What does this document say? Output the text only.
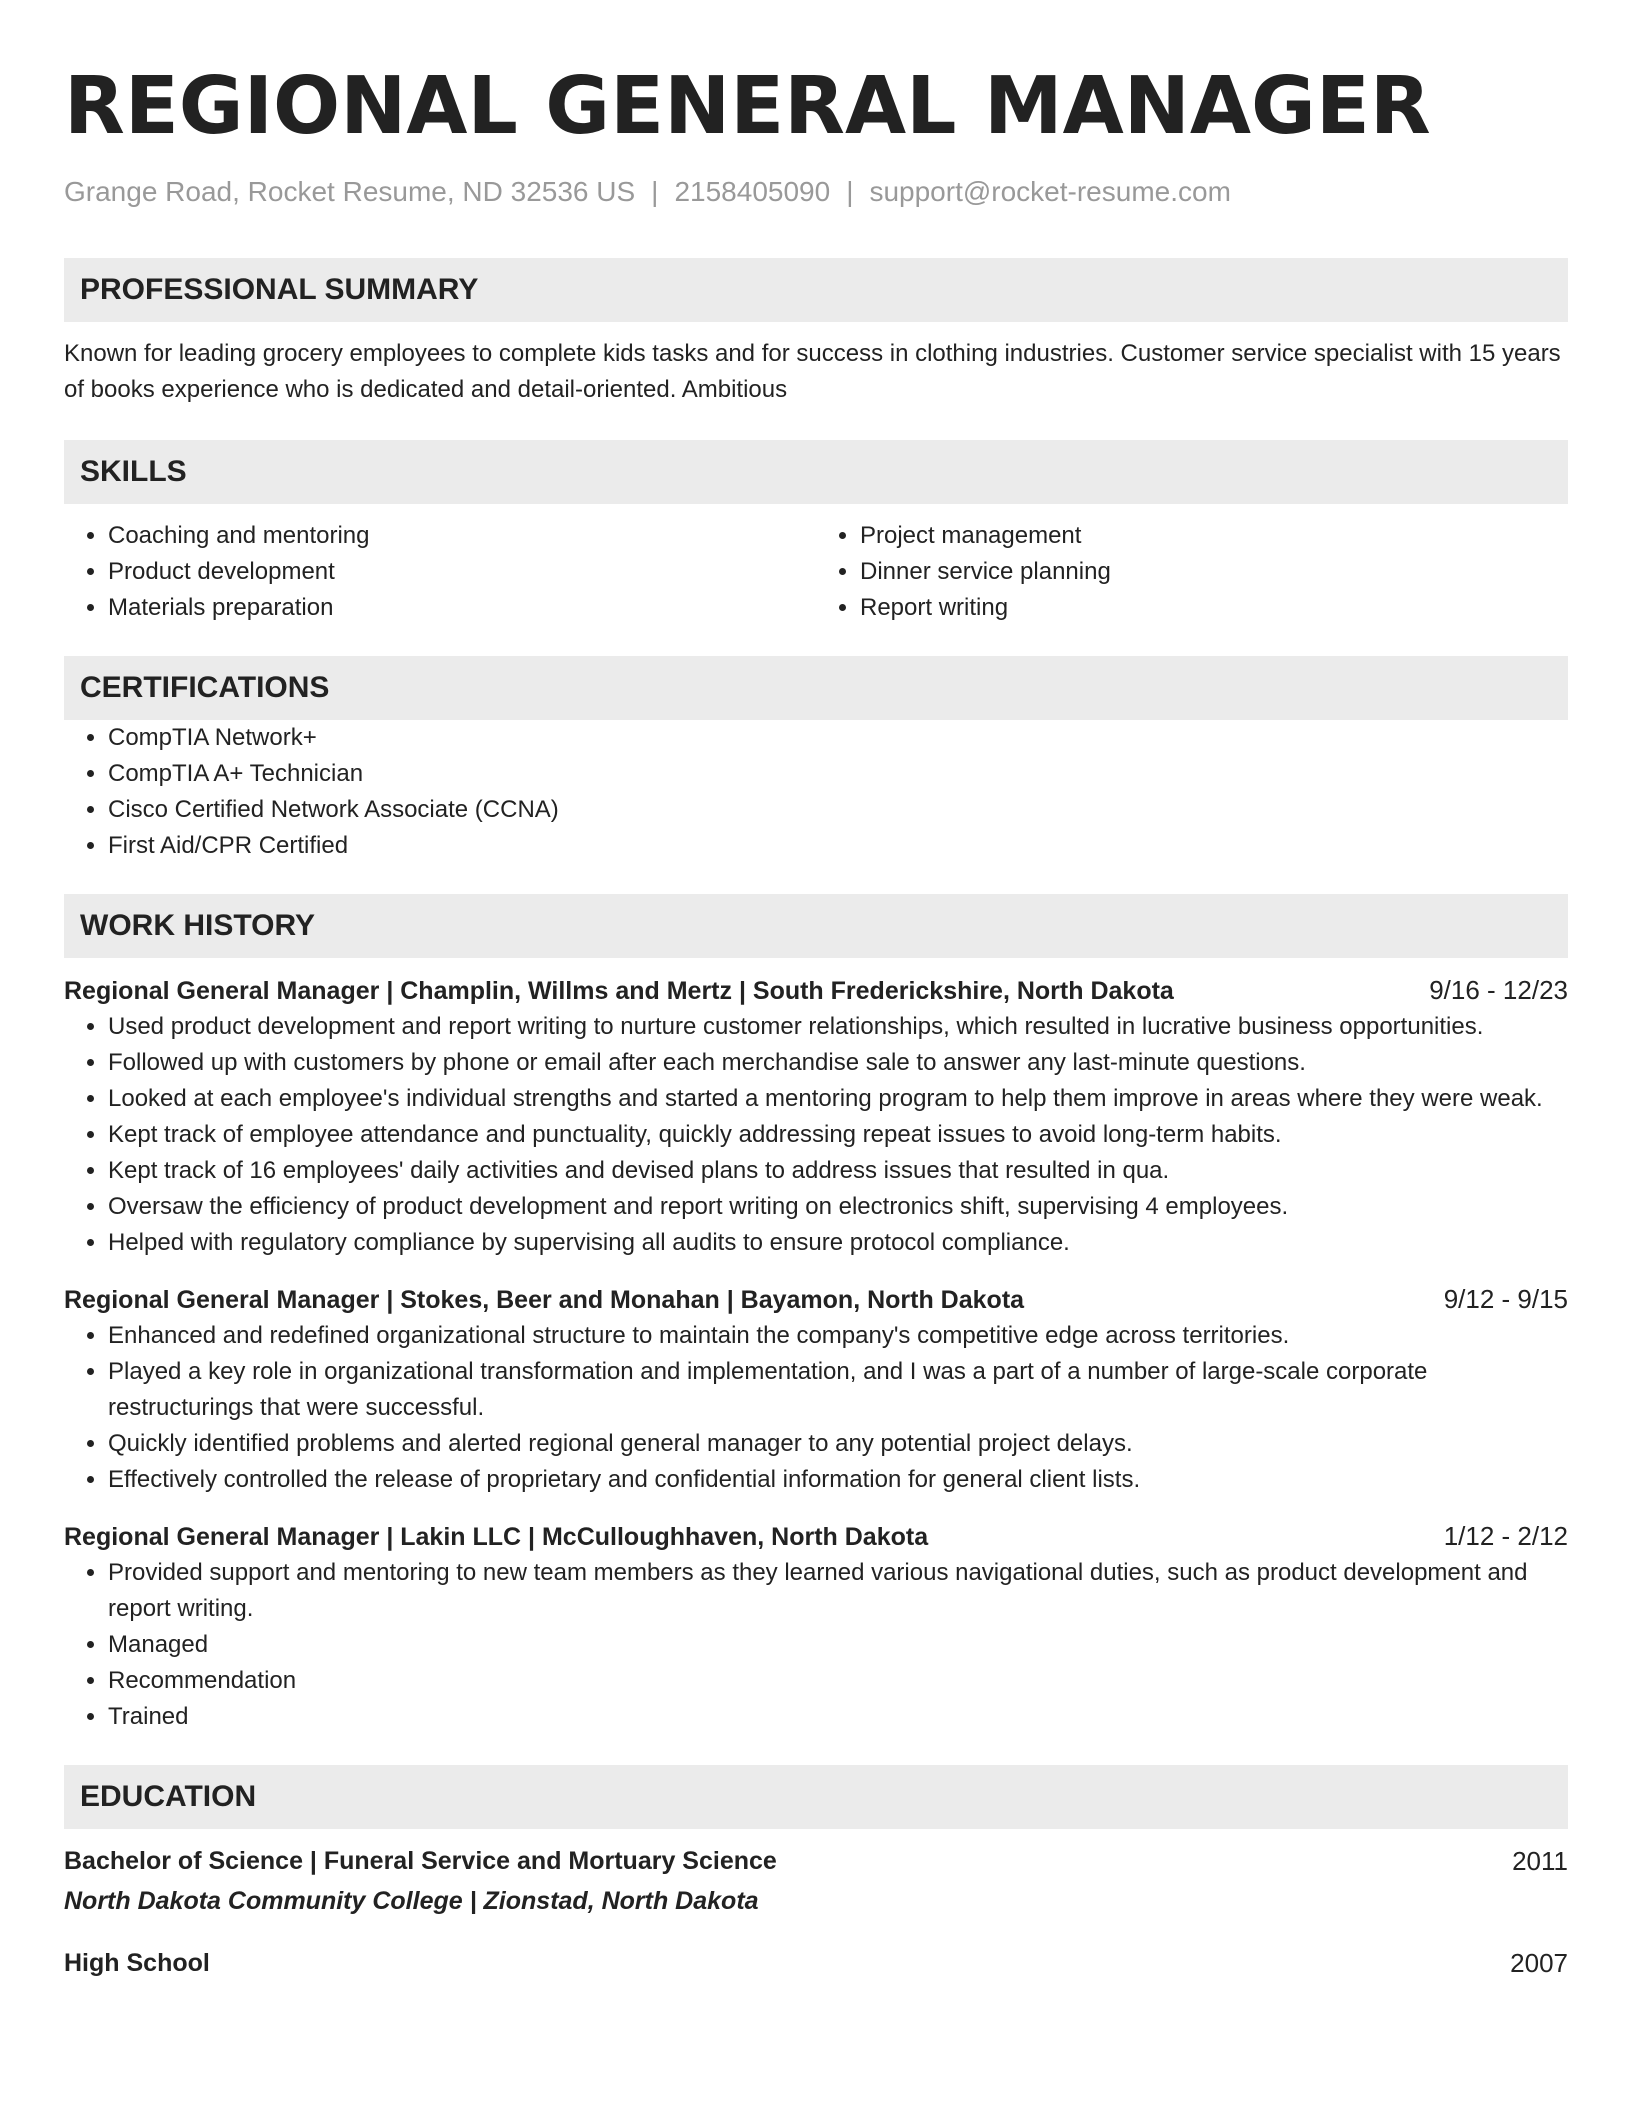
REGIONAL GENERAL MANAGER
Grange Road, Rocket Resume, ND 32536 US | 2158405090 | support@rocket-resume.com
PROFESSIONAL SUMMARY
Known for leading grocery employees to complete kids tasks and for success in clothing industries. Customer service specialist with 15 years of books experience who is dedicated and detail-oriented. Ambitious
SKILLS
• Coaching and mentoring
• Product development
• Materials preparation
• Project management
• Dinner service planning
• Report writing
CERTIFICATIONS
• CompTIA Network+
• CompTIA A+ Technician
• Cisco Certified Network Associate (CCNA)
• First Aid/CPR Certified
WORK HISTORY
Regional General Manager | Champlin, Willms and Mertz | South Frederickshire, North Dakota	9/16 - 12/23
• Used product development and report writing to nurture customer relationships, which resulted in lucrative business opportunities.
• Followed up with customers by phone or email after each merchandise sale to answer any last-minute questions.
• Looked at each employee's individual strengths and started a mentoring program to help them improve in areas where they were weak.
• Kept track of employee attendance and punctuality, quickly addressing repeat issues to avoid long-term habits.
• Kept track of 16 employees' daily activities and devised plans to address issues that resulted in qua.
• Oversaw the efficiency of product development and report writing on electronics shift, supervising 4 employees.
• Helped with regulatory compliance by supervising all audits to ensure protocol compliance.
Regional General Manager | Stokes, Beer and Monahan | Bayamon, North Dakota	9/12 - 9/15
• Enhanced and redefined organizational structure to maintain the company's competitive edge across territories.
• Played a key role in organizational transformation and implementation, and I was a part of a number of large-scale corporate restructurings that were successful.
• Quickly identified problems and alerted regional general manager to any potential project delays.
• Effectively controlled the release of proprietary and confidential information for general client lists.
Regional General Manager | Lakin LLC | McCulloughhaven, North Dakota	1/12 - 2/12
• Provided support and mentoring to new team members as they learned various navigational duties, such as product development and report writing.
• Managed
• Recommendation
• Trained
EDUCATION
Bachelor of Science | Funeral Service and Mortuary Science	2011
North Dakota Community College | Zionstad, North Dakota
High School	2007
